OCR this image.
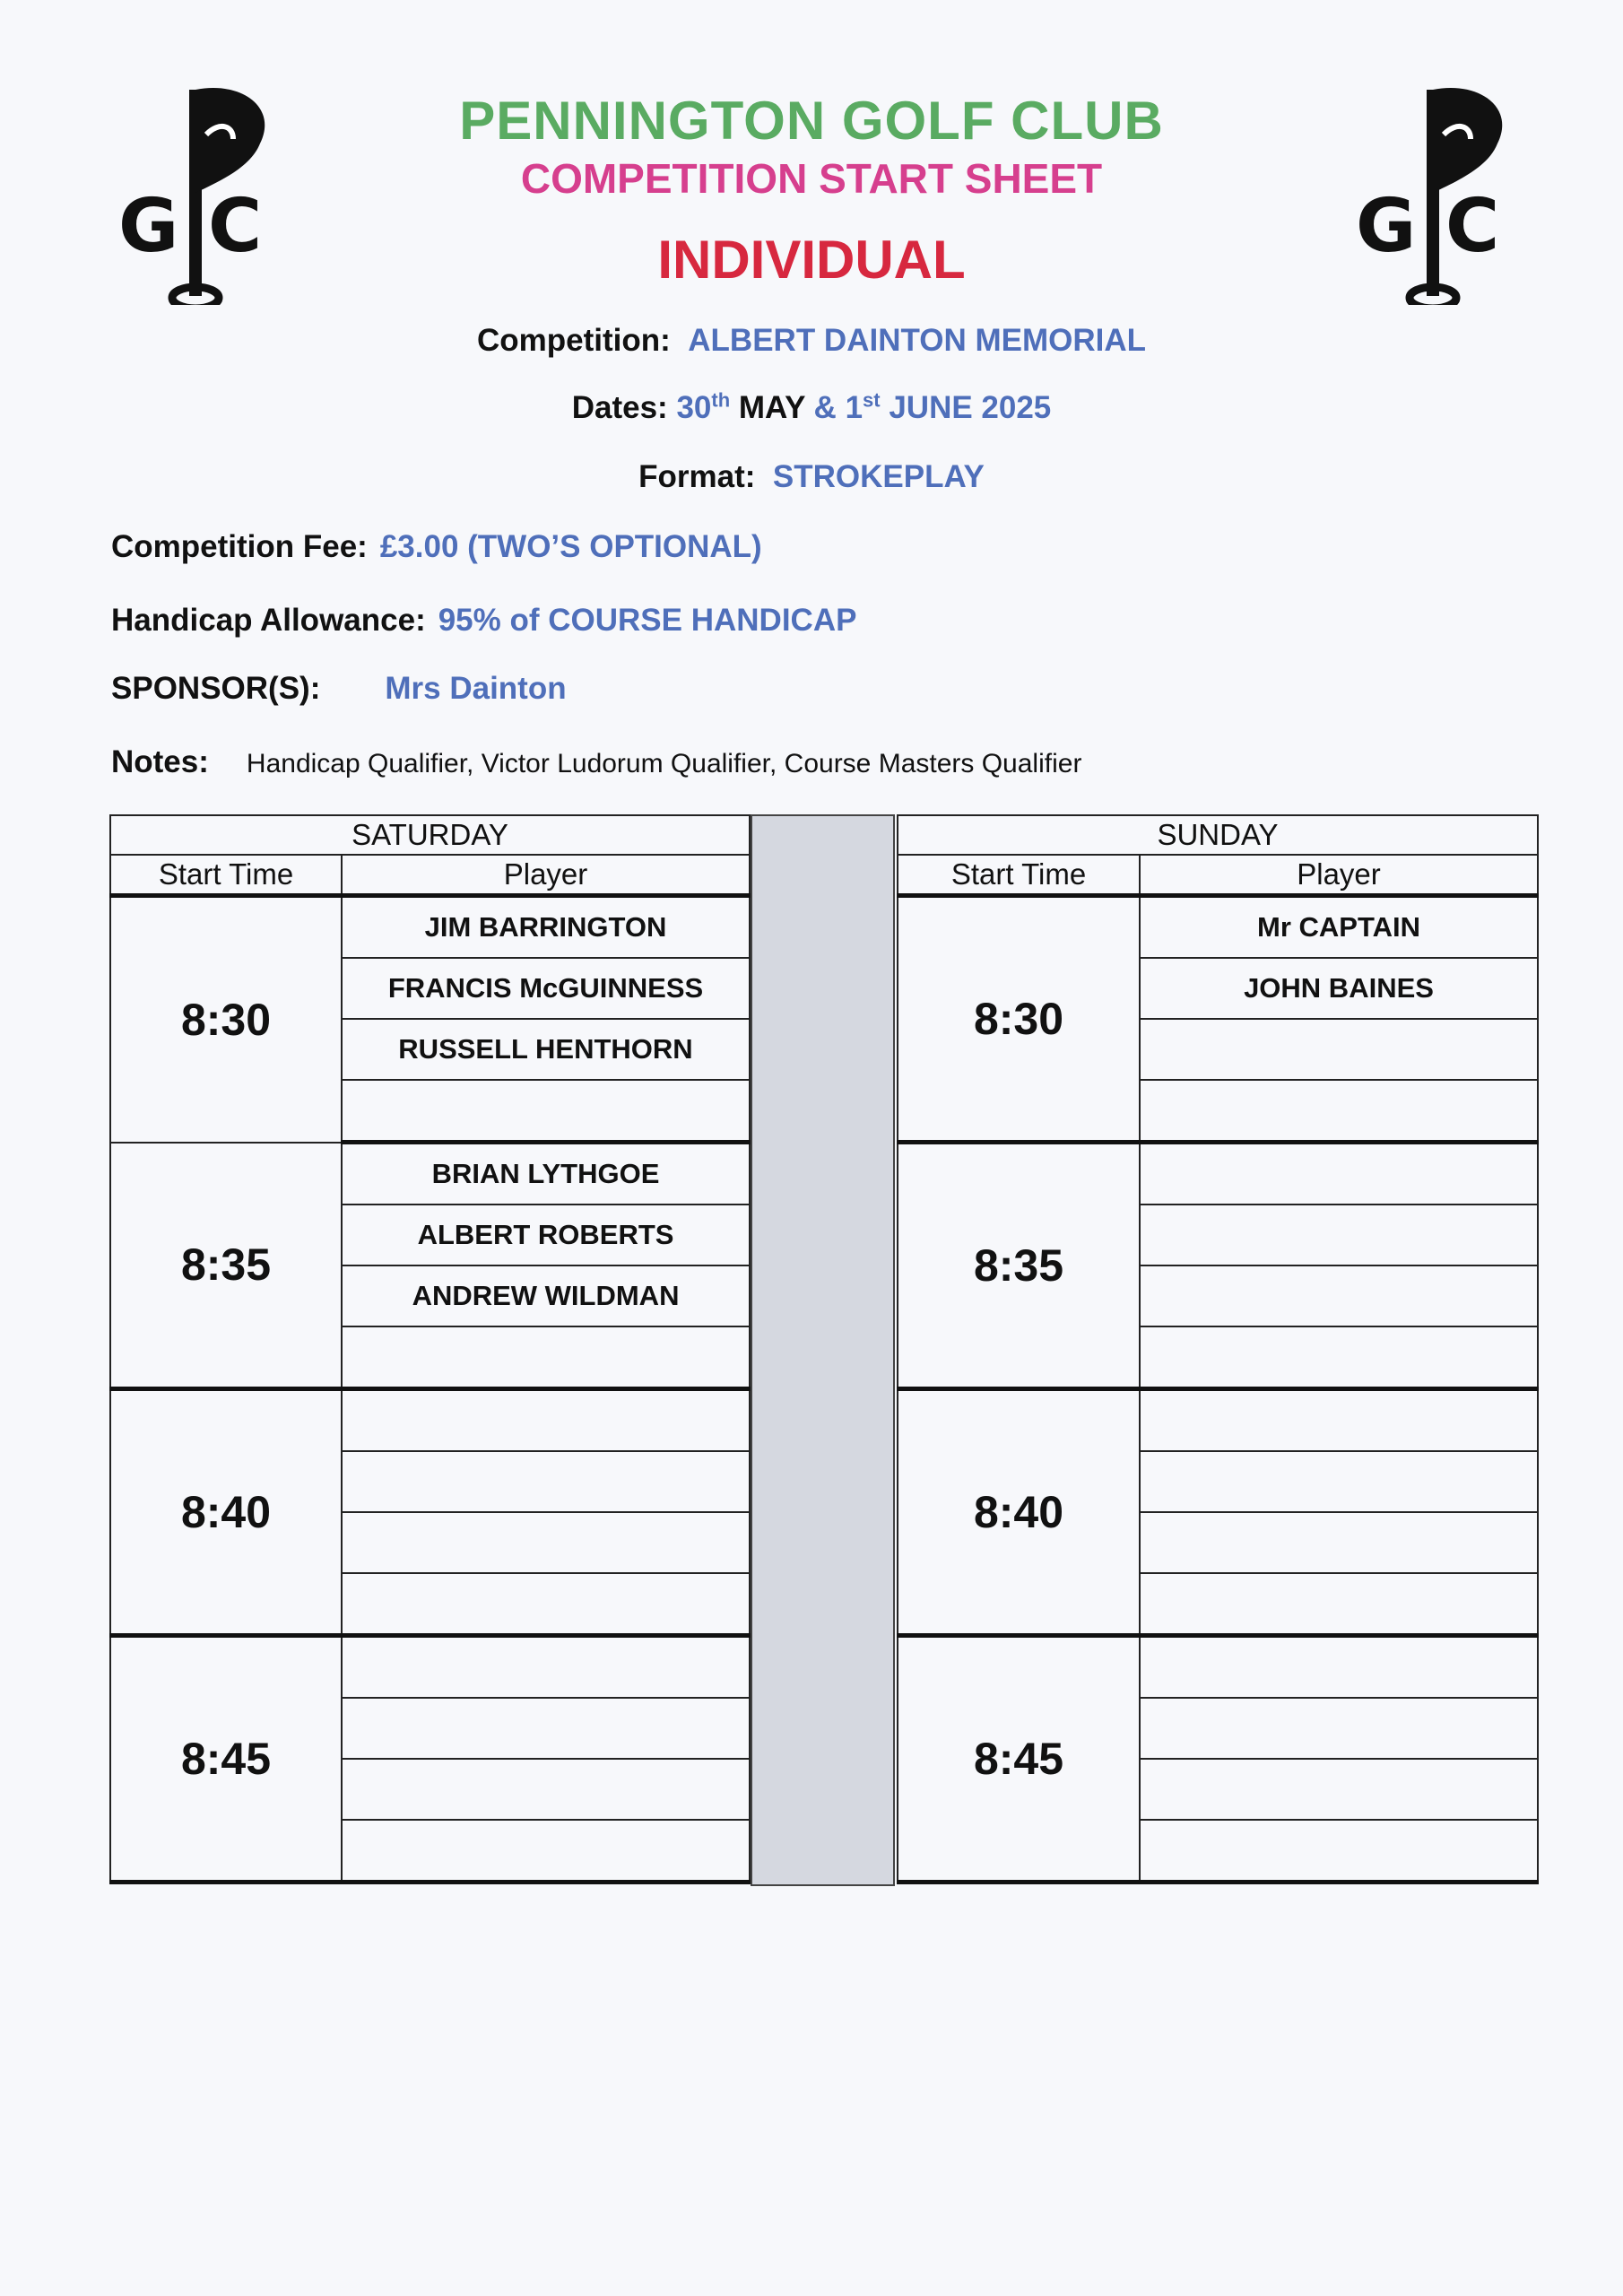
G C	G C
PENNINGTON GOLF CLUB
COMPETITION START SHEET
INDIVIDUAL
Competition: ALBERT DAINTON MEMORIAL
Dates: 30th MAY & 1st JUNE 2025
Format: STROKEPLAY
Competition Fee: £3.00 (TWO’S OPTIONAL)
Handicap Allowance: 95% of COURSE HANDICAP
SPONSOR(S): Mrs Dainton
Notes: Handicap Qualifier, Victor Ludorum Qualifier, Course Masters Qualifier
SATURDAY	
Start Time	Player
8:30	JIM BARRINGTON
	FRANCIS McGUINNESS
	RUSSELL HENTHORN

8:35	BRIAN LYTHGOE
	ALBERT ROBERTS
	ANDREW WILDMAN

8:40	

8:45	

SUNDAY	
Start Time	Player
8:30	Mr CAPTAIN
	JOHN BAINES

8:35	

8:40	

8:45	
